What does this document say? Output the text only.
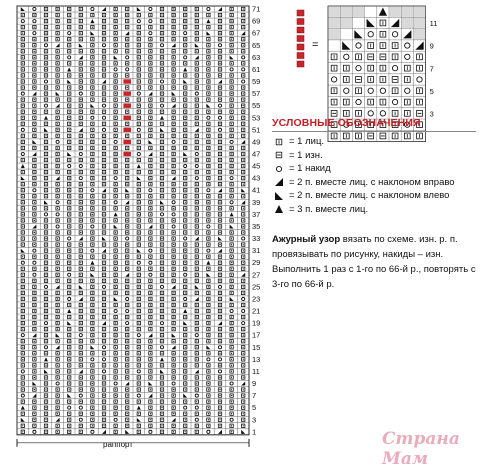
71
69
67
65
63
61
59
57
55
53
51
49
47
45
43
41
39
37
35
33
31
29
27
25
23
21
19
17
15
13
11
9
7
5
3
1
=
11
9
7
5
3
раппорт
УСЛОВНЫЕ ОБОЗНАЧЕНИЯ
= 1 лиц.
= 1 изн.
= 1 накид
= 2 п. вместе лиц. с наклоном вправо
= 2 п. вместе лиц. с наклоном влево
= 3 п. вместе лиц.
Ажурный узор вязать по схеме. изн. р. п. провязывать по рисунку, накиды – изн. Выполнить 1 раз с 1-го по 66-й р., повторять с 3-го по 66-й р.
Страна Мам
